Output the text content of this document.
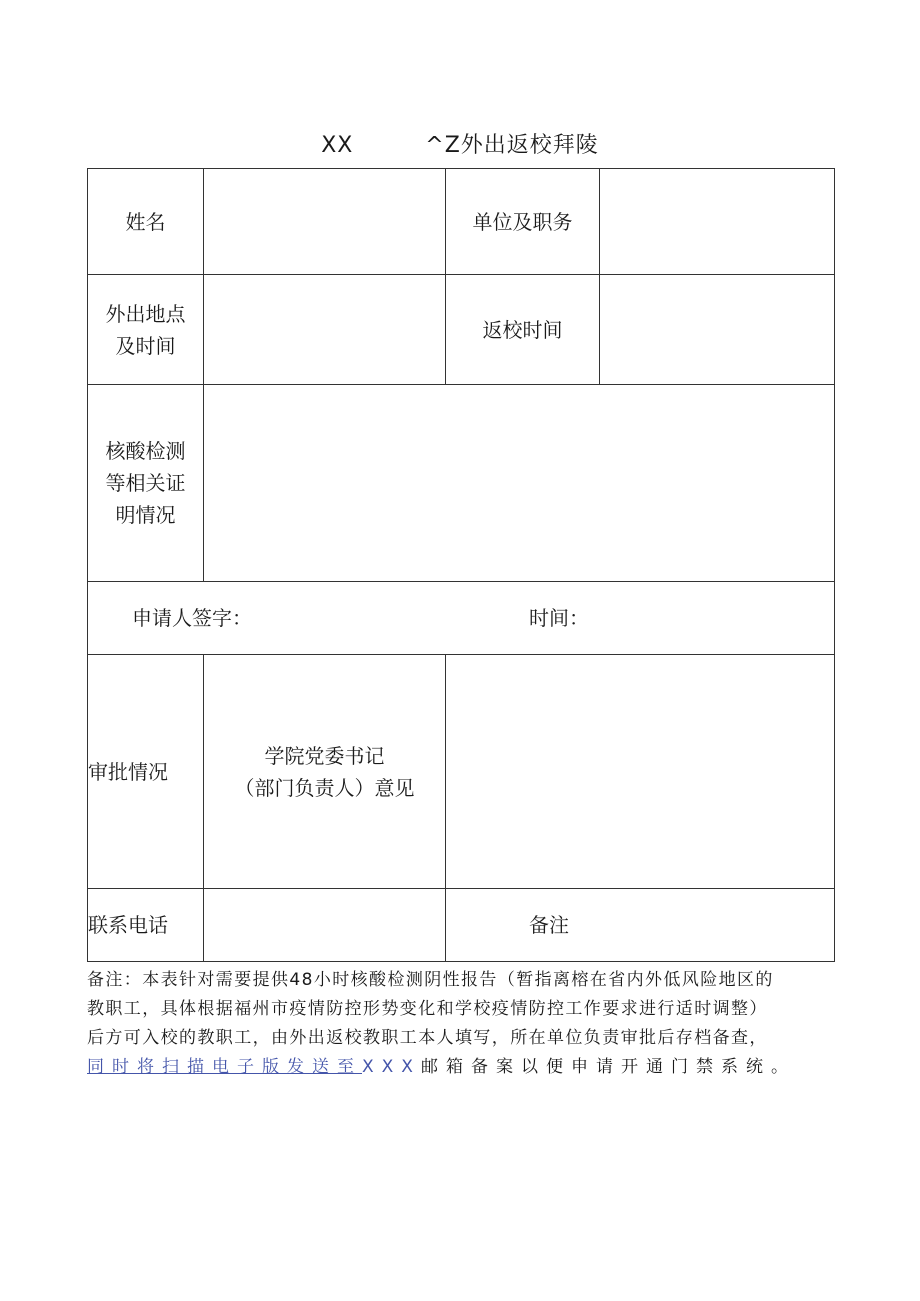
XX         ^Z外出返校拜陵
姓名		单位及职务	

外出地点
及时间		返校时间	

核酸检测
等相关证
明情况			

申请人签字： 时间：			

审批情况	学院党委书记
（部门负责人）意见		

联系电话		备注	

备注：本表针对需要提供48小时核酸检测阴性报告（暂指离榕在省内外低风险地区的

教职工，具体根据福州市疫情防控形势变化和学校疫情防控工作要求进行适时调整）

后方可入校的教职工，由外出返校教职工本人填写，所在单位负责审批后存档备查，

同时将扫描电子版发送至XXX邮箱备案以便申请开通门禁系统。
